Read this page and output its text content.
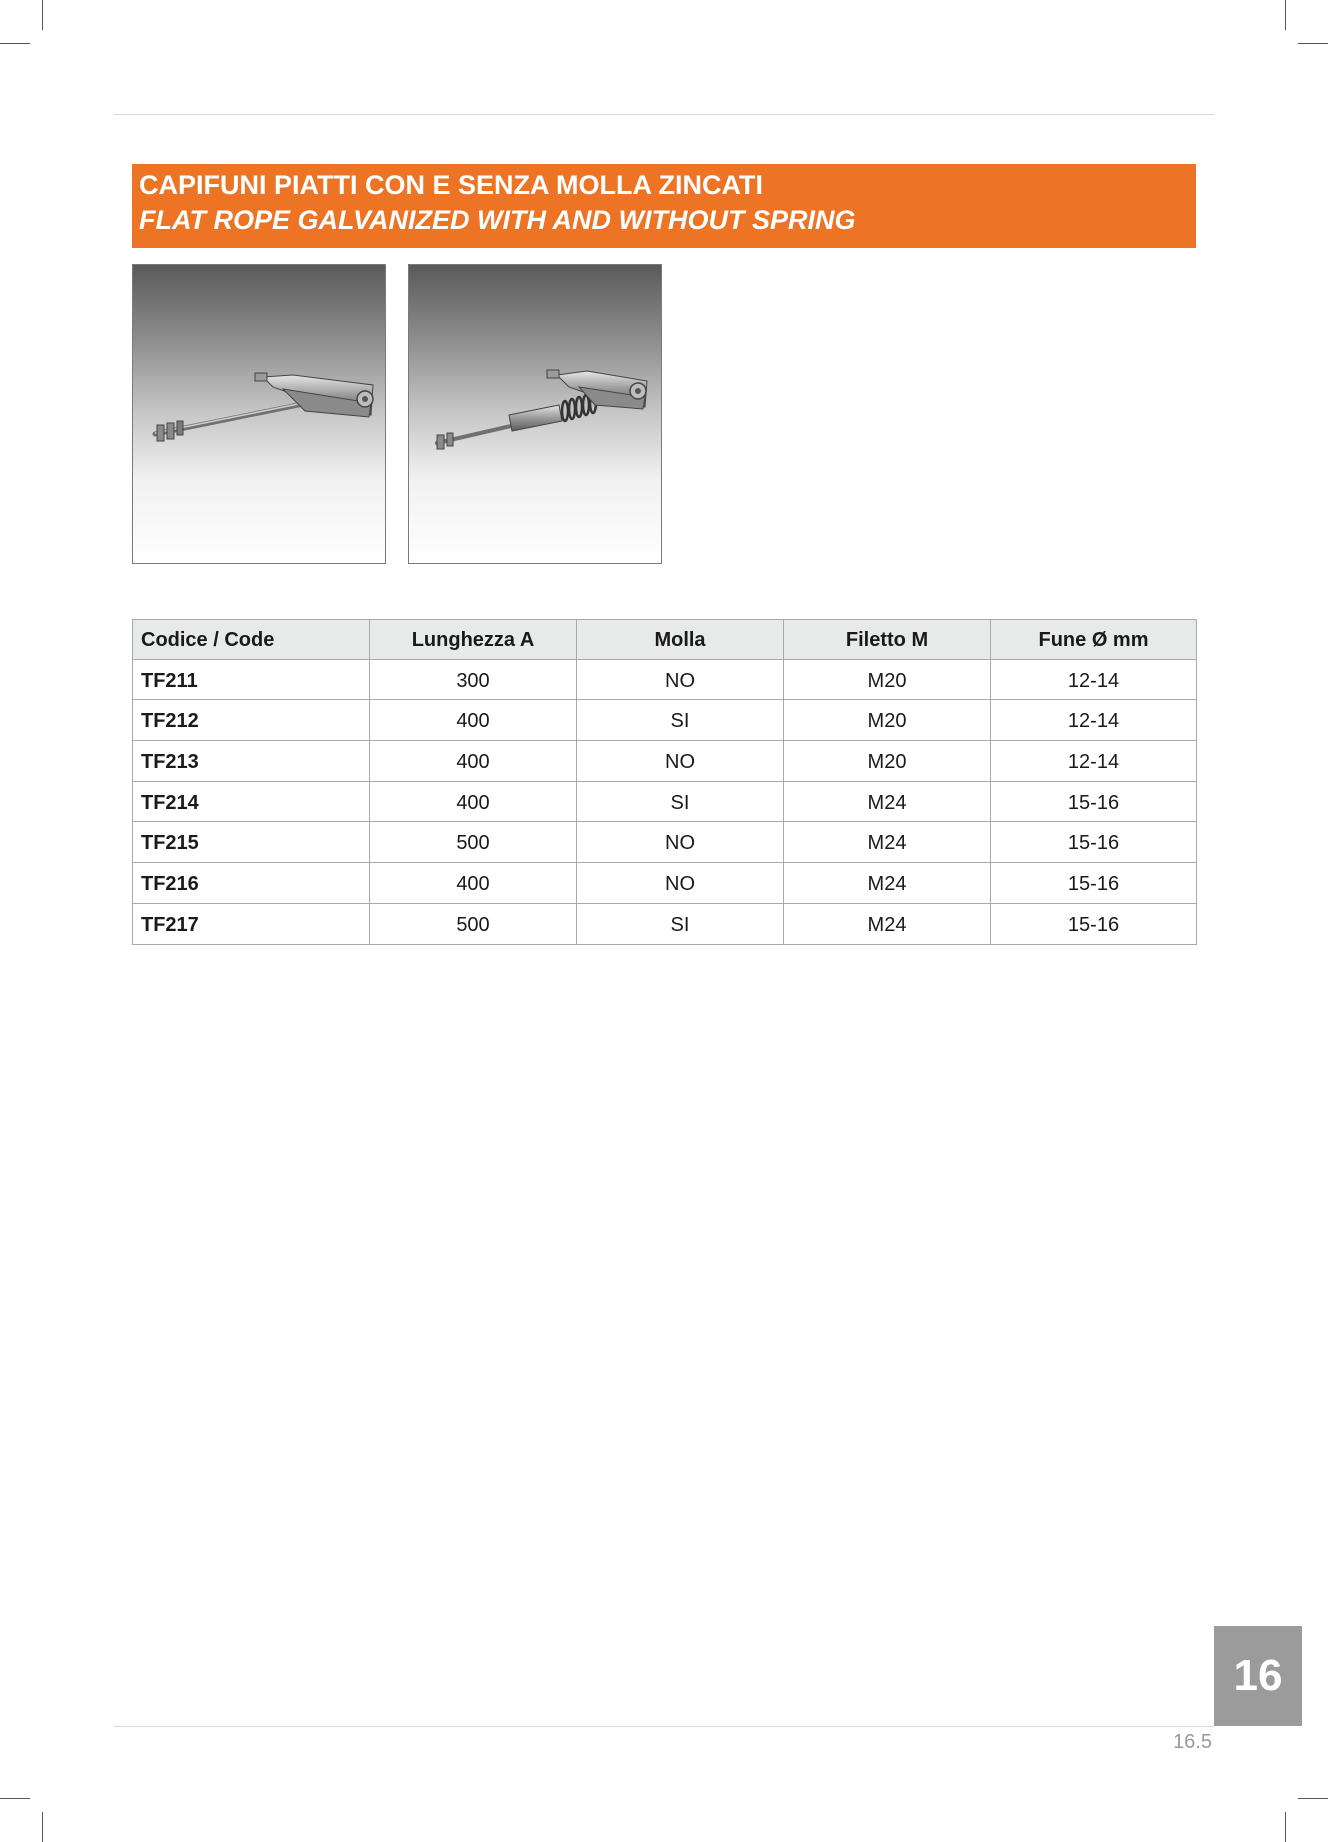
CAPIFUNI PIATTI CON E SENZA MOLLA ZINCATI
FLAT ROPE GALVANIZED WITH AND WITHOUT SPRING
Codice / Code	Lunghezza A	Molla	Filetto M	Fune Ø mm
TF211	300	NO	M20	12-14
TF212	400	SI	M20	12-14
TF213	400	NO	M20	12-14
TF214	400	SI	M24	15-16
TF215	500	NO	M24	15-16
TF216	400	NO	M24	15-16
TF217	500	SI	M24	15-16
16
16.5
